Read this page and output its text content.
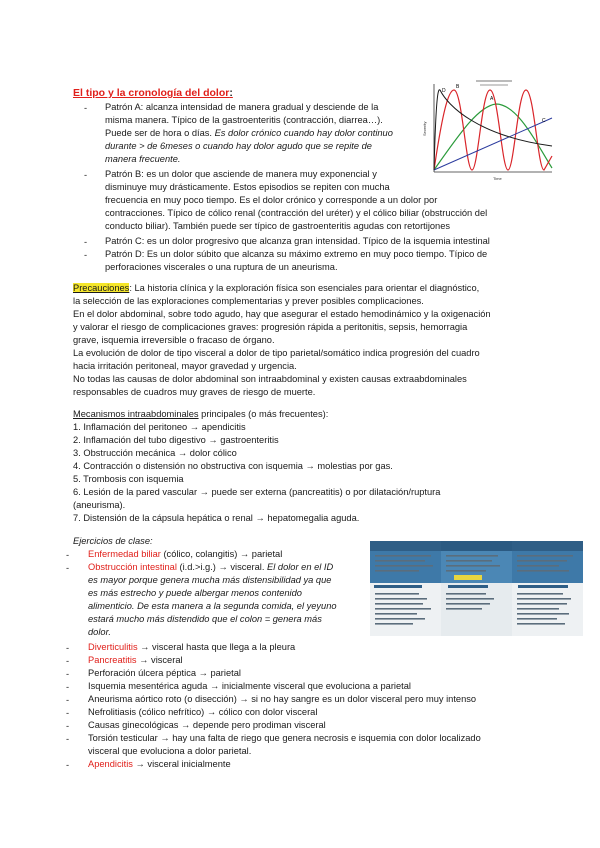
El tipo y la cronología del dolor:
- Patrón A: alcanza intensidad de manera gradual y desciende de la
misma manera. Típico de la gastroenteritis (contracción, diarrea…).
Puede ser de hora o días. Es dolor crónico cuando hay dolor continuo
durante > de 6meses o cuando hay dolor agudo que se repite de
manera frecuente.
- Patrón B: es un dolor que asciende de manera muy exponencial y
disminuye muy drásticamente. Estos episodios se repiten con mucha
frecuencia en muy poco tiempo. Es el dolor crónico y corresponde a un dolor por
contracciones. Típico de cólico renal (contracción del uréter) y el cólico biliar (obstrucción del
conducto biliar). También puede ser típico de gastroenteritis agudas con retortijones
- Patrón C: es un dolor progresivo que alcanza gran intensidad. Típico de la isquemia intestinal
- Patrón D: Es un dolor súbito que alcanza su máximo extremo en muy poco tiempo. Típico de
perforaciones viscerales o una ruptura de un aneurisma.
Severity
Time
A
B
C
D
Precauciones: La historia clínica y la exploración física son esenciales para orientar el diagnóstico,
la selección de las exploraciones complementarias y prever posibles complicaciones.
En el dolor abdominal, sobre todo agudo, hay que asegurar el estado hemodinámico y la oxigenación
y valorar el riesgo de complicaciones graves: progresión rápida a peritonitis, sepsis, hemorragia
grave, isquemia irreversible o fracaso de órgano.
La evolución de dolor de tipo visceral a dolor de tipo parietal/somático indica progresión del cuadro
hacia irritación peritoneal, mayor gravedad y urgencia.
No todas las causas de dolor abdominal son intraabdominal y existen causas extraabdominales
responsables de cuadros muy graves de riesgo de muerte.
Mecanismos intraabdominales principales (o más frecuentes):
1. Inflamación del peritoneo → apendicitis
2. Inflamación del tubo digestivo → gastroenteritis
3. Obstrucción mecánica → dolor cólico
4. Contracción o distensión no obstructiva con isquemia → molestias por gas.
5. Trombosis con isquemia
6. Lesión de la pared vascular → puede ser externa (pancreatitis) o por dilatación/ruptura
(aneurisma).
7. Distensión de la cápsula hepática o renal → hepatomegalia aguda.
Ejercicios de clase:
- Enfermedad biliar (cólico, colangitis) → parietal
- Obstrucción intestinal (i.d.>i.g.) → visceral. El dolor en el ID
es mayor porque genera mucha más distensibilidad ya que
es más estrecho y puede albergar menos contenido
alimenticio. De esta manera a la segunda comida, el yeyuno
estará mucho más distendido que el colon = genera más
dolor.
- Diverticulitis → visceral hasta que llega a la pleura
- Pancreatitis → visceral
- Perforación úlcera péptica → parietal
- Isquemia mesentérica aguda → inicialmente visceral que evoluciona a parietal
- Aneurisma aórtico roto (o disección) → si no hay sangre es un dolor visceral pero muy intenso
- Nefrolitiasis (cólico nefrítico) → cólico con dolor visceral
- Causas ginecológicas → depende pero prodiman visceral
- Torsión testicular → hay una falta de riego que genera necrosis e isquemia con dolor localizado
visceral que evoluciona a dolor parietal.
- Apendicitis → visceral inicialmente
